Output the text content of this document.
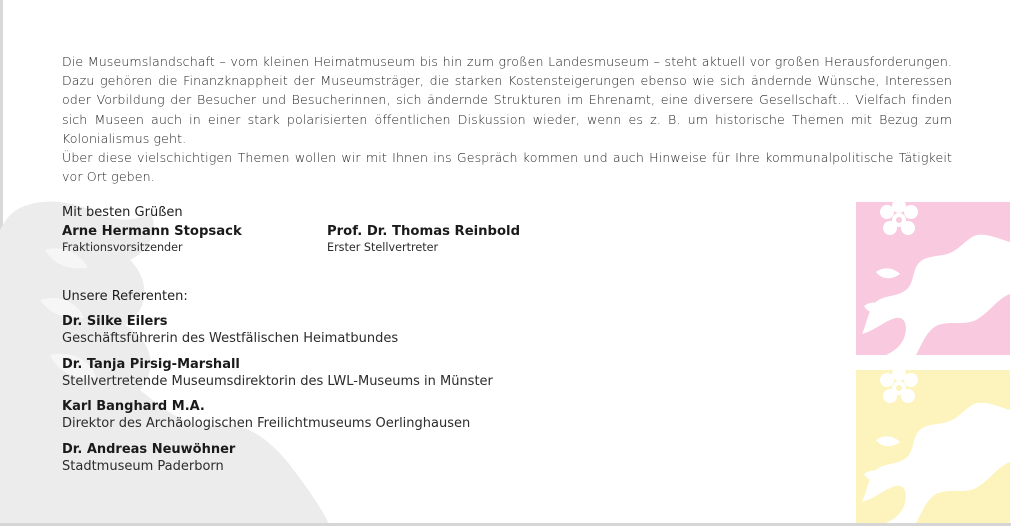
Die Museumslandschaft – vom kleinen Heimatmuseum bis hin zum großen Landesmuseum – steht aktuell vor großen Herausforderungen. Dazu gehören die Finanzknappheit der Museumsträger, die starken Kostensteigerungen ebenso wie sich ändernde Wünsche, Interessen oder Vorbildung der Besucher und Besucherinnen, sich ändernde Strukturen im Ehrenamt, eine diversere Gesellschaft... Vielfach finden sich Museen auch in einer stark polarisierten öffentlichen Diskussion wieder, wenn es z. B. um historische Themen mit Bezug zum Kolonialismus geht.

Über diese vielschichtigen Themen wollen wir mit Ihnen ins Gespräch kommen und auch Hinweise für Ihre kommunalpolitische Tätigkeit vor Ort geben.

Mit besten Grüßen
Arne Hermann Stopsack
Fraktionsvorsitzender
Prof. Dr. Thomas Reinbold
Erster Stellvertreter
Unsere Referenten:
Dr. Silke Eilers
Geschäftsführerin des Westfälischen Heimatbundes
Dr. Tanja Pirsig-Marshall
Stellvertretende Museumsdirektorin des LWL-Museums in Münster
Karl Banghard M.A.
Direktor des Archäologischen Freilichtmuseums Oerlinghausen
Dr. Andreas Neuwöhner
Stadtmuseum Paderborn
